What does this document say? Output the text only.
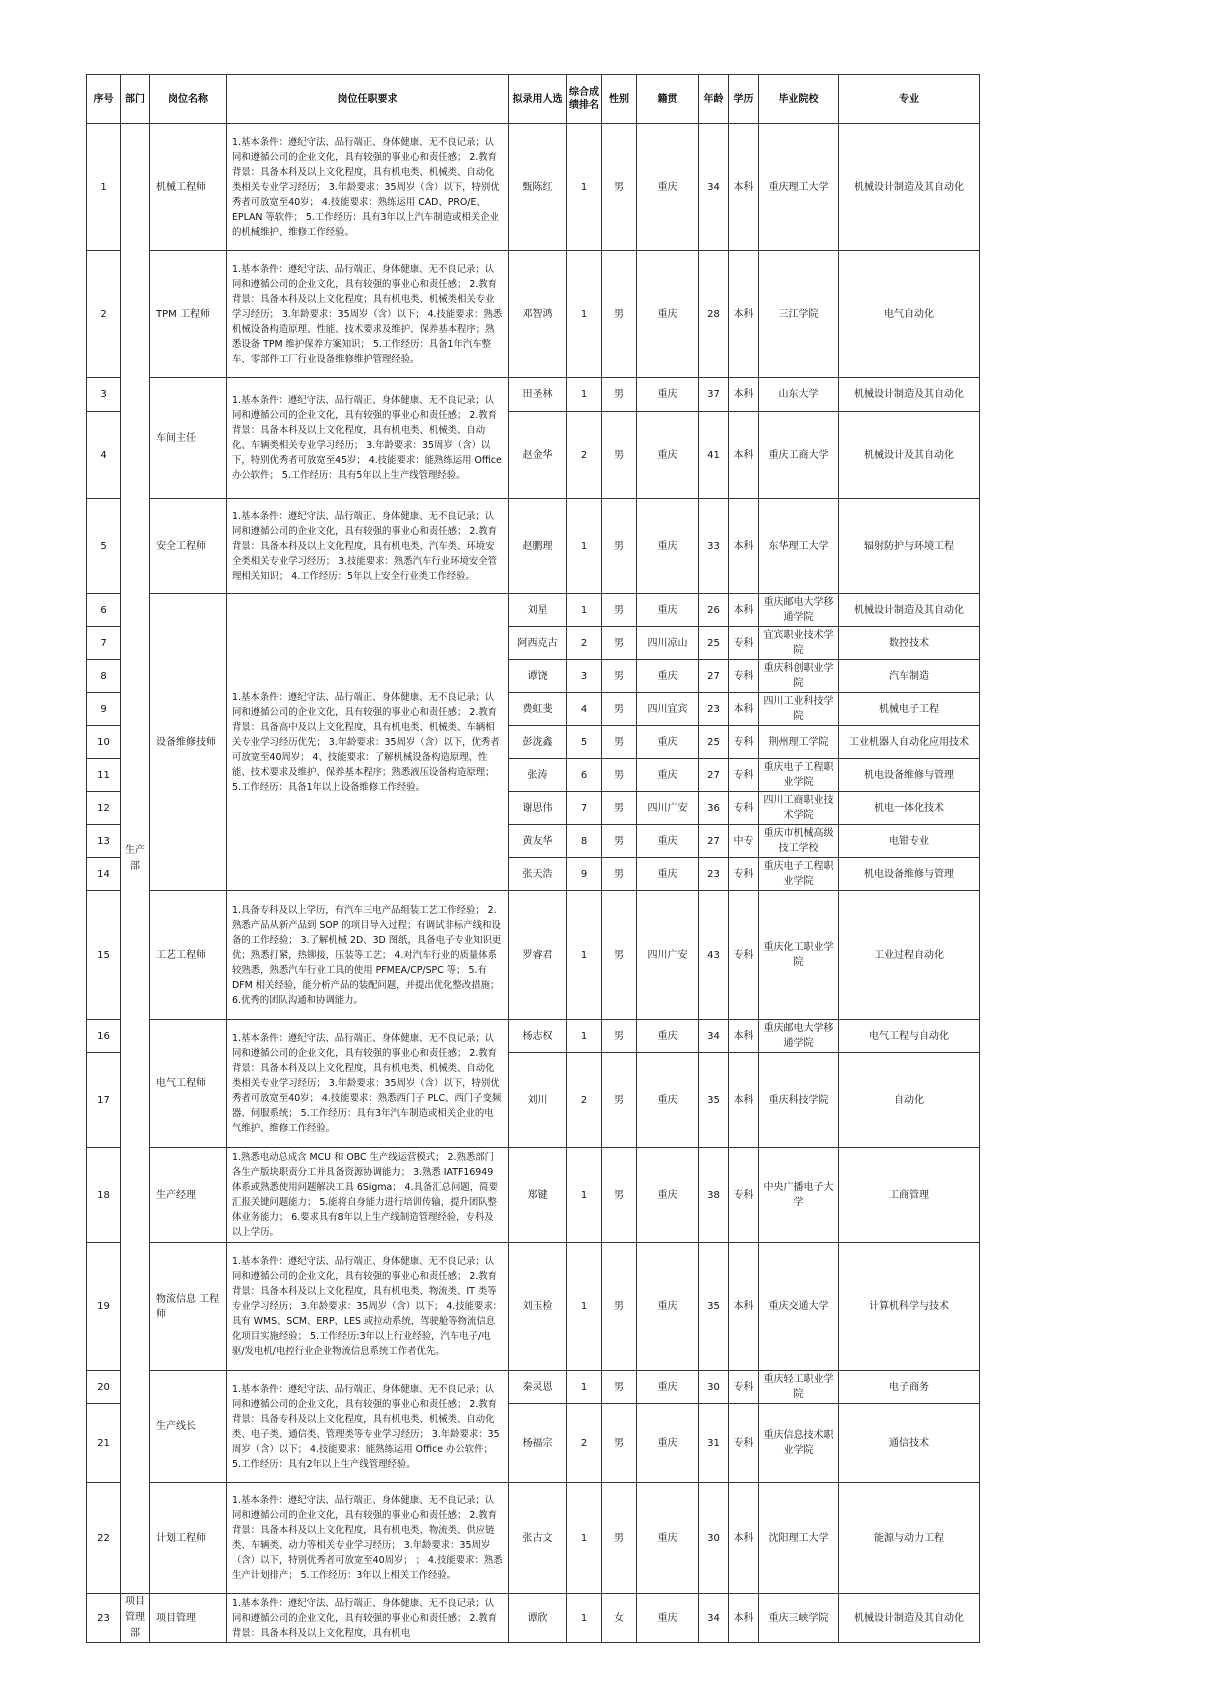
序号	部门	岗位名称	岗位任职要求	拟录用人选	综合成绩排名	性别	籍贯	年龄	学历	毕业院校	专业
1	生产部	机械工程师	1.基本条件：遵纪守法、品行端正、身体健康、无不良记录；认同和遵循公司的企业文化，具有较强的事业心和责任感； 2.教育背景：具备本科及以上文化程度，具有机电类、机械类、自动化类相关专业学习经历； 3.年龄要求：35周岁（含）以下，特别优秀者可放宽至40岁； 4.技能要求：熟练运用 CAD、PRO/E、EPLAN 等软件； 5.工作经历：具有3年以上汽车制造或相关企业的机械维护、维修工作经验。	甄陈红	1	男	重庆	34	本科	重庆理工大学	机械设计制造及其自动化
2		TPM 工程师	1.基本条件：遵纪守法、品行端正、身体健康、无不良记录；认同和遵循公司的企业文化，具有较强的事业心和责任感； 2.教育背景：具备本科及以上文化程度；具有机电类、机械类相关专业学习经历； 3.年龄要求：35周岁（含）以下； 4.技能要求：熟悉机械设备构造原理、性能、技术要求及维护、保养基本程序；熟悉设备 TPM 维护保养方案知识； 5.工作经历：具备1年汽车整车、零部件工厂行业设备维修维护管理经验。	邓智鸿	1	男	重庆	28	本科	三江学院	电气自动化
3		车间主任	1.基本条件：遵纪守法、品行端正、身体健康、无不良记录；认同和遵循公司的企业文化，具有较强的事业心和责任感； 2.教育背景：具备本科及以上文化程度，具有机电类、机械类、自动化、车辆类相关专业学习经历； 3.年龄要求：35周岁（含）以下，特别优秀者可放宽至45岁； 4.技能要求：能熟练运用 Office 办公软件； 5.工作经历：具有5年以上生产线管理经验。	田圣林	1	男	重庆	37	本科	山东大学	机械设计制造及其自动化
4				赵金华	2	男	重庆	41	本科	重庆工商大学	机械设计及其自动化
5		安全工程师	1.基本条件：遵纪守法、品行端正、身体健康、无不良记录；认同和遵循公司的企业文化，具有较强的事业心和责任感； 2.教育背景：具备本科及以上文化程度，具有机电类、汽车类、环境安全类相关专业学习经历； 3.技能要求：熟悉汽车行业环境安全管理相关知识； 4.工作经历：5年以上安全行业类工作经验。	赵鹏理	1	男	重庆	33	本科	东华理工大学	辐射防护与环境工程
6		设备维修技师	1.基本条件：遵纪守法、品行端正、身体健康、无不良记录；认同和遵循公司的企业文化，具有较强的事业心和责任感； 2.教育背景：具备高中及以上文化程度，具有机电类、机械类、车辆相关专业学习经历优先； 3.年龄要求：35周岁（含）以下，优秀者可放宽至40周岁； 4、技能要求：了解机械设备构造原理、性能、技术要求及维护、保养基本程序；熟悉液压设备构造原理； 5.工作经历：具备1年以上设备维修工作经验。	刘星	1	男	重庆	26	本科	重庆邮电大学移通学院	机械设计制造及其自动化
7				阿西克古	2	男	四川凉山	25	专科	宜宾职业技术学院	数控技术
8				谭饶	3	男	重庆	27	专科	重庆科创职业学院	汽车制造
9				费虹斐	4	男	四川宜宾	23	本科	四川工业科技学院	机械电子工程
10				彭泷鑫	5	男	重庆	25	专科	荆州理工学院	工业机器人自动化应用技术
11				张涛	6	男	重庆	27	专科	重庆电子工程职业学院	机电设备维修与管理
12				谢思伟	7	男	四川广安	36	专科	四川工商职业技术学院	机电一体化技术
13				黄友华	8	男	重庆	27	中专	重庆市机械高级技工学校	电钳专业
14				张天浩	9	男	重庆	23	专科	重庆电子工程职业学院	机电设备维修与管理
15		工艺工程师	1.具备专科及以上学历，有汽车三电产品组装工艺工作经验； 2.熟悉产品从新产品到 SOP 的项目导入过程；有调试非标产线和设备的工作经验； 3.了解机械 2D、3D 图纸，具备电子专业知识更优；熟悉打紧，热铆接，压装等工艺； 4.对汽车行业的质量体系较熟悉，熟悉汽车行业工具的使用 PFMEA/CP/SPC 等； 5.有 DFM 相关经验，能分析产品的装配问题，并提出优化整改措施； 6.优秀的团队沟通和协调能力。	罗睿君	1	男	四川广安	43	专科	重庆化工职业学院	工业过程自动化
16		电气工程师	1.基本条件：遵纪守法、品行端正、身体健康、无不良记录；认同和遵循公司的企业文化，具有较强的事业心和责任感； 2.教育背景：具备本科及以上文化程度，具有机电类、机械类、自动化类相关专业学习经历； 3.年龄要求：35周岁（含）以下，特别优秀者可放宽至40岁； 4.技能要求：熟悉西门子 PLC、西门子变频器、伺服系统； 5.工作经历：具有3年汽车制造或相关企业的电气维护、维修工作经验。	杨志权	1	男	重庆	34	本科	重庆邮电大学移通学院	电气工程与自动化
17				刘川	2	男	重庆	35	本科	重庆科技学院	自动化
18		生产经理	1.熟悉电动总成含 MCU 和 OBC 生产线运营模式； 2.熟悉部门各生产版块职责分工并具备资源协调能力； 3.熟悉 IATF16949 体系或熟悉使用问题解决工具 6Sigma； 4.具备汇总问题，简要汇报关键问题能力； 5.能将自身能力进行培训传输，提升团队整体业务能力； 6.要求具有8年以上生产线制造管理经验，专科及以上学历。	郑键	1	男	重庆	38	专科	中央广播电子大学	工商管理
19		物流信息 工程师	1.基本条件：遵纪守法、品行端正、身体健康、无不良记录；认同和遵循公司的企业文化，具有较强的事业心和责任感； 2.教育背景：具备本科及以上文化程度，具有机电类、物流类、IT 类等专业学习经历； 3.年龄要求：35周岁（含）以下； 4.技能要求：具有 WMS、SCM、ERP、LES 或拉动系统，驾驶舱等物流信息化项目实施经验； 5.工作经历:3年以上行业经验，汽车电子/电驱/发电机/电控行业企业物流信息系统工作者优先。	刘玉检	1	男	重庆	35	本科	重庆交通大学	计算机科学与技术
20		生产线长	1.基本条件：遵纪守法、品行端正、身体健康、无不良记录；认同和遵循公司的企业文化，具有较强的事业心和责任感； 2.教育背景：具备专科及以上文化程度，具有机电类、机械类、自动化类、电子类、通信类、管理类等专业学习经历； 3.年龄要求：35周岁（含）以下； 4.技能要求：能熟练运用 Office 办公软件； 5.工作经历：具有2年以上生产线管理经验。	秦灵恩	1	男	重庆	30	专科	重庆轻工职业学院	电子商务
21				杨福宗	2	男	重庆	31	专科	重庆信息技术职业学院	通信技术
22		计划工程师	1.基本条件：遵纪守法、品行端正、身体健康、无不良记录；认同和遵循公司的企业文化，具有较强的事业心和责任感； 2.教育背景：具备本科及以上文化程度，具有机电类、物流类、供应链类、车辆类、动力等相关专业学习经历； 3.年龄要求：35周岁（含）以下，特别优秀者可放宽至40周岁； ； 4.技能要求：熟悉生产计划排产； 5.工作经历：3年以上相关工作经验。	张古文	1	男	重庆	30	本科	沈阳理工大学	能源与动力工程
23	项目管理部	项目管理	1.基本条件：遵纪守法、品行端正、身体健康、无不良记录；认同和遵循公司的企业文化，具有较强的事业心和责任感； 2.教育背景：具备本科及以上文化程度，具有机电	谭欣	1	女	重庆	34	本科	重庆三峡学院	机械设计制造及其自动化
